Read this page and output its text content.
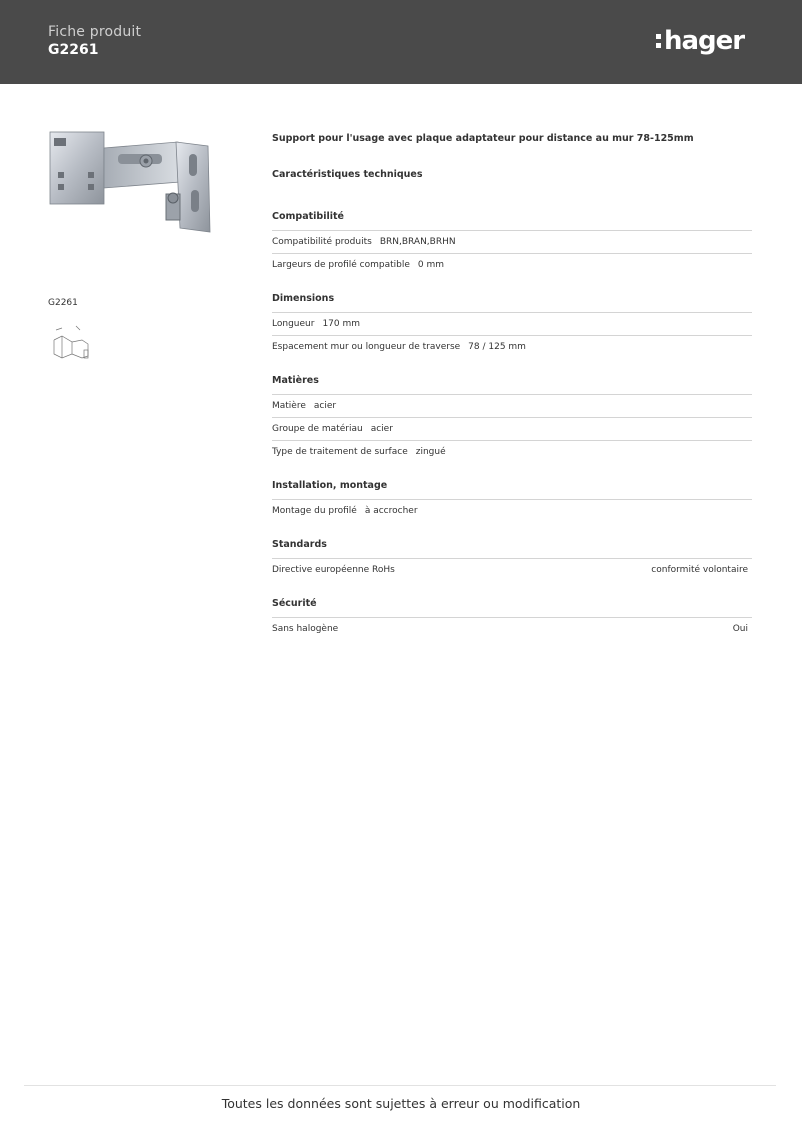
Fiche produit
G2261	hager
G2261
Support pour l'usage avec plaque adaptateur pour distance au mur 78-125mm
Caractéristiques techniques
Compatibilité
Compatibilité produits BRN,BRAN,BRHN
Largeurs de profilé compatible 0 mm
Dimensions
Longueur 170 mm
Espacement mur ou longueur de traverse 78 / 125 mm
Matières
Matière acier
Groupe de matériau acier
Type de traitement de surface zingué
Installation, montage
Montage du profilé à accrocher
Standards
Directive européenne RoHs	conformité volontaire
Sécurité
Sans halogène	Oui
Toutes les données sont sujettes à erreur ou modification
